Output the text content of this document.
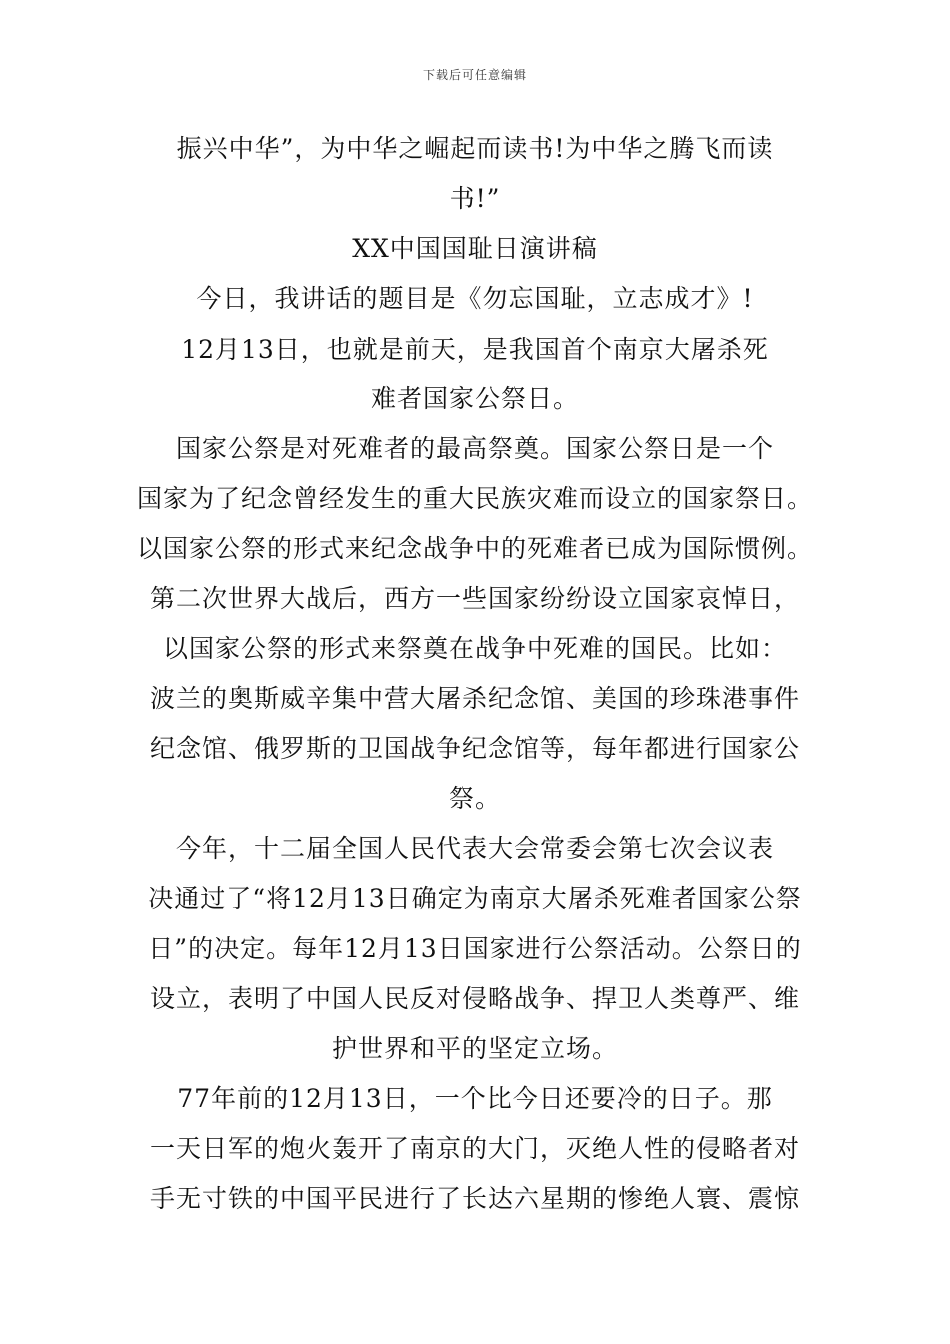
下载后可任意编辑
振兴中华”，为中华之崛起而读书!为中华之腾飞而读
书!”
XX中国国耻日演讲稿
今日，我讲话的题目是《勿忘国耻，立志成才》!
12月13日，也就是前天，是我国首个南京大屠杀死
难者国家公祭日。
国家公祭是对死难者的最高祭奠。国家公祭日是一个
国家为了纪念曾经发生的重大民族灾难而设立的国家祭日。
以国家公祭的形式来纪念战争中的死难者已成为国际惯例。
第二次世界大战后，西方一些国家纷纷设立国家哀悼日，
以国家公祭的形式来祭奠在战争中死难的国民。比如：
波兰的奥斯威辛集中营大屠杀纪念馆、美国的珍珠港事件
纪念馆、俄罗斯的卫国战争纪念馆等，每年都进行国家公
祭。
今年，十二届全国人民代表大会常委会第七次会议表
决通过了“将12月13日确定为南京大屠杀死难者国家公祭
日”的决定。每年12月13日国家进行公祭活动。公祭日的
设立，表明了中国人民反对侵略战争、捍卫人类尊严、维
护世界和平的坚定立场。
77年前的12月13日，一个比今日还要冷的日子。那
一天日军的炮火轰开了南京的大门，灭绝人性的侵略者对
手无寸铁的中国平民进行了长达六星期的惨绝人寰、震惊
